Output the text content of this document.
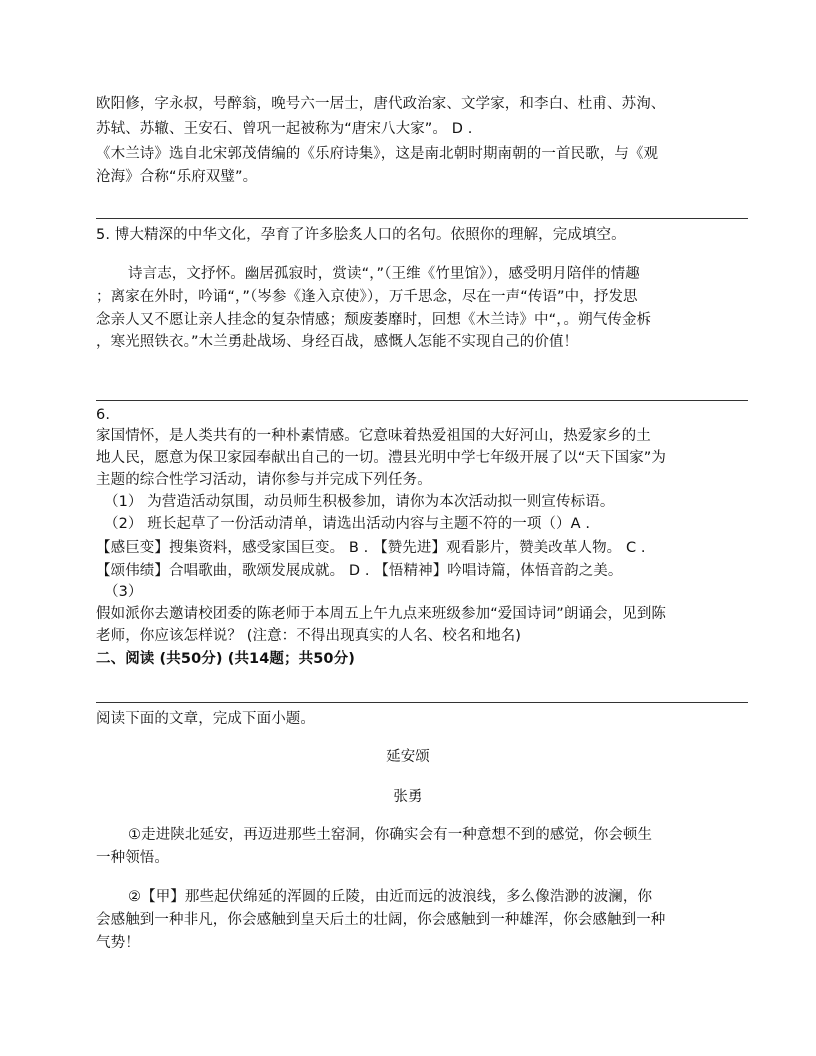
欧阳修，字永叔，号醉翁，晚号六一居士，唐代政治家、文学家，和李白、杜甫、苏洵、
苏轼、苏辙、王安石、曾巩一起被称为“唐宋八大家”。 D .
《木兰诗》选自北宋郭茂倩编的《乐府诗集》，这是南北朝时期南朝的一首民歌，与《观
沧海》合称“乐府双璧”。
5. 博大精深的中华文化，孕育了许多脍炙人口的名句。依照你的理解，完成填空。
诗言志，文抒怀。幽居孤寂时，赏读“，”（王维《竹里馆》），感受明月陪伴的情趣
；离家在外时，吟诵“，”（岑参《逢入京使》），万千思念，尽在一声“传语”中，抒发思
念亲人又不愿让亲人挂念的复杂情感；颓废萎靡时，回想《木兰诗》中“，。朔气传金柝
，寒光照铁衣。”木兰勇赴战场、身经百战，感慨人怎能不实现自己的价值！
6.
家国情怀，是人类共有的一种朴素情感。它意味着热爱祖国的大好河山，热爱家乡的土
地人民，愿意为保卫家园奉献出自己的一切。澧县光明中学七年级开展了以“天下国家”为
主题的综合性学习活动，请你参与并完成下列任务。
（1） 为营造活动氛围，动员师生积极参加，请你为本次活动拟一则宣传标语。
（2） 班长起草了一份活动清单，请选出活动内容与主题不符的一项（）A .
【感巨变】搜集资料，感受家国巨变。 B . 【赞先进】观看影片，赞美改革人物。 C .
【颂伟绩】合唱歌曲，歌颂发展成就。 D . 【悟精神】吟唱诗篇，体悟音韵之美。
（3）
假如派你去邀请校团委的陈老师于本周五上午九点来班级参加“爱国诗词”朗诵会，见到陈
老师，你应该怎样说？ (注意：不得出现真实的人名、校名和地名)
二、阅读 (共50分) (共14题；共50分)
阅读下面的文章，完成下面小题。
延安颂
张勇
①走进陕北延安，再迈进那些土窑洞，你确实会有一种意想不到的感觉，你会顿生
一种领悟。
②【甲】那些起伏绵延的浑圆的丘陵，由近而远的波浪线，多么像浩渺的波澜，你
会感触到一种非凡，你会感触到皇天后土的壮阔，你会感触到一种雄浑，你会感触到一种
气势！
